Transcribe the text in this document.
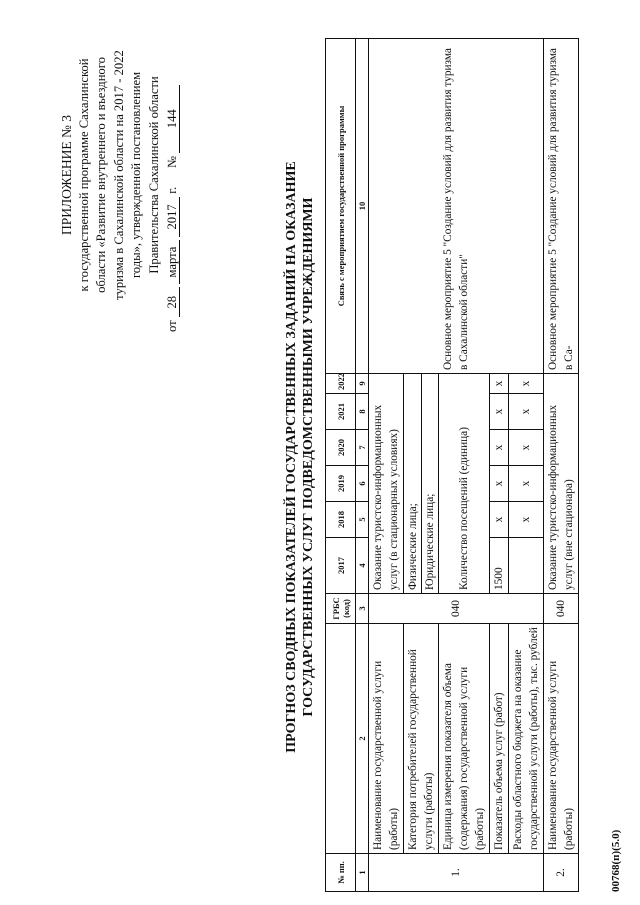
ПРИЛОЖЕНИЕ № 3 к государственной программе Сахалинской области «Развитие внутреннего и въездного туризма в Сахалинской области на 2017 - 2022 годы», утвержденной постановлением Правительства Сахалинской области
от 28 марта 2017 г.      № 144
ПРОГНОЗ СВОДНЫХ ПОКАЗАТЕЛЕЙ ГОСУДАРСТВЕННЫХ ЗАДАНИЙ НА ОКАЗАНИЕ ГОСУДАРСТВЕННЫХ УСЛУГ ПОДВЕДОМСТВЕННЫМИ УЧРЕЖДЕНИЯМИ
№ пп.		ГРБС (код)	2017	2018	2019	2020	2021	2022	Связь с мероприятием государственной программы
1	2	3	4	5	6	7	8	9	10
1.	Наименование государственной услуги (работы)	040	Оказание туристско-информационных услуг (в стационарных условиях)						Основное мероприятие 5 "Создание условий для развития туризма в Сахалинской области"
	Категория потребителей государственной услуги (работы)		Физические лица; Юридические лица;						

	Единица измерения показателя объема (содержания) государственной услуги (работы)		Количество посещений (единица)						
	Показатель объема услуг (работ)		1500	x	x	x	x	x	
	Расходы областного бюджета на оказание государственной услуги (работы), тыс. рублей			x	x	x	x	x	
2.	Наименование государственной услуги (работы)	040	Оказание туристско-информационных услуг (вне стационара)						Основное мероприятие 5 "Создание условий для развития туризма в Са-
00768(п)(5.0)
